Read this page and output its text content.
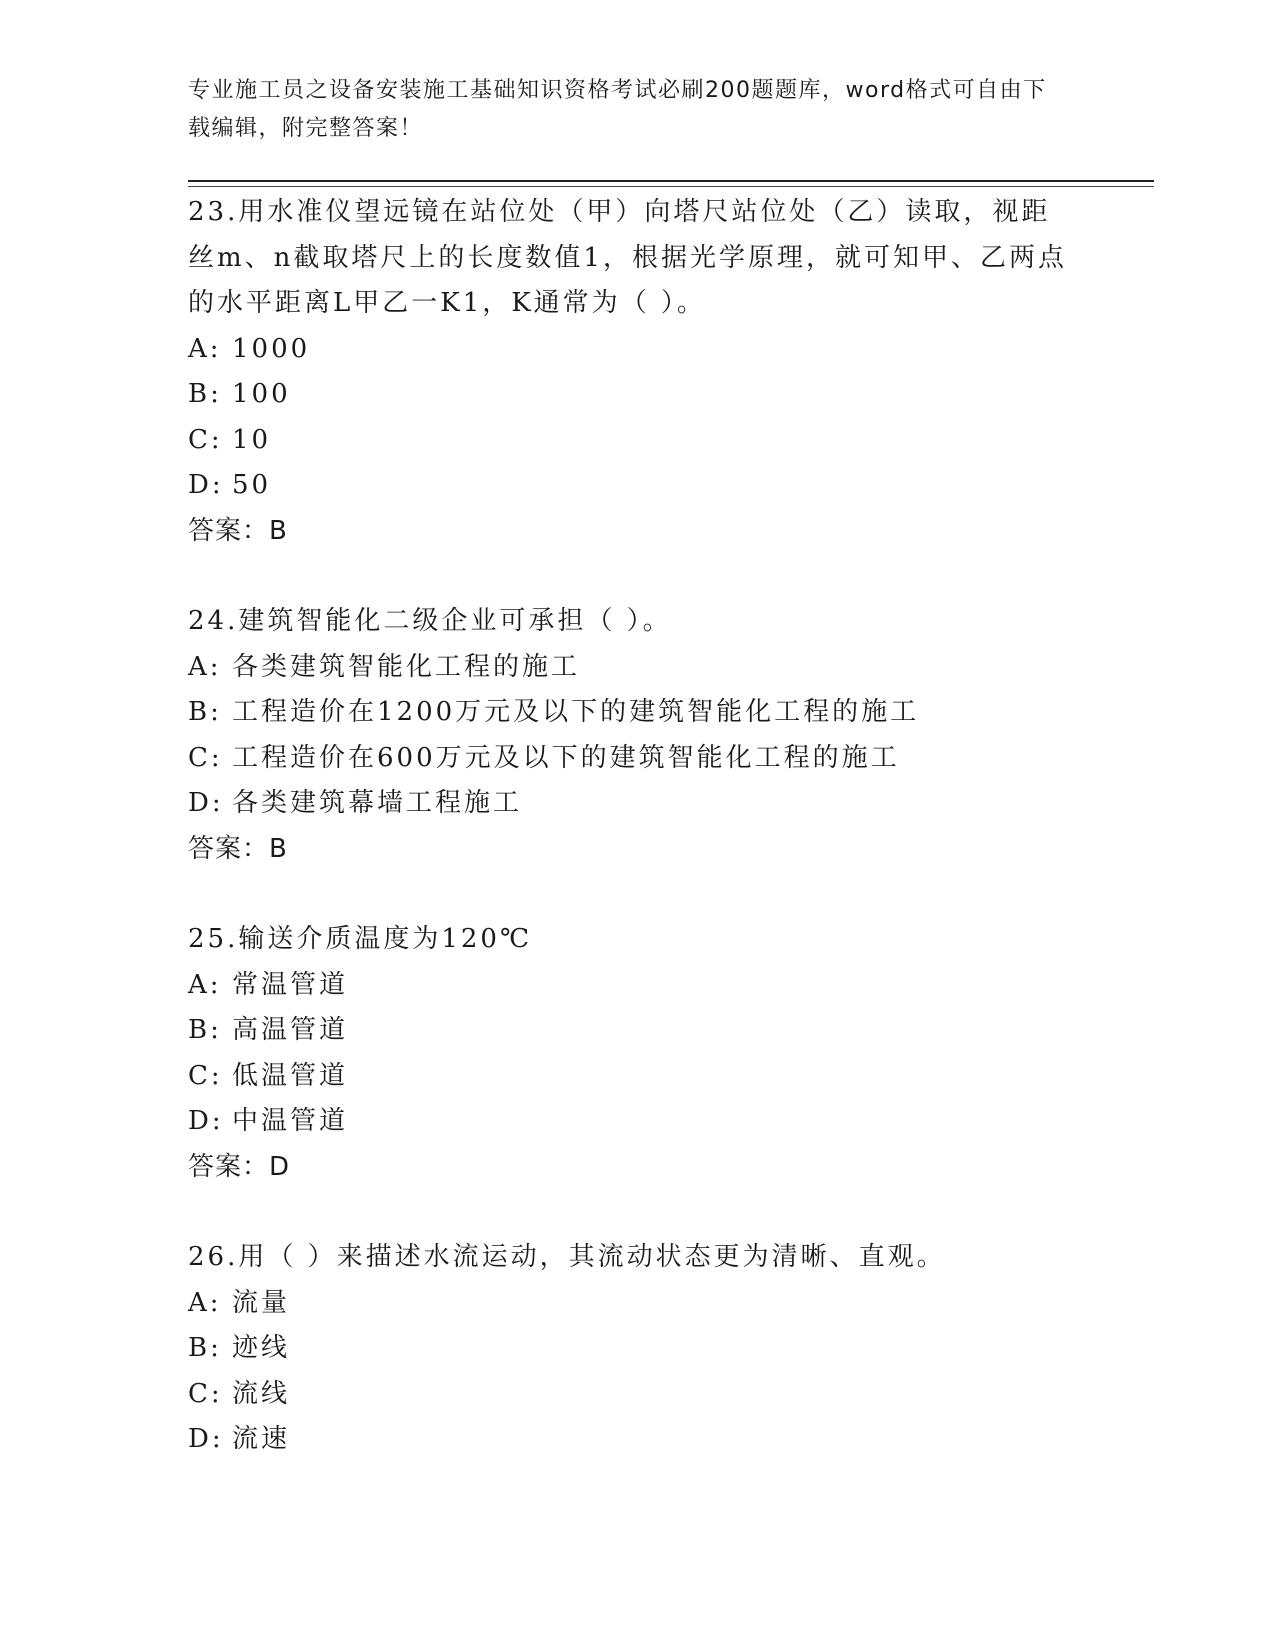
专业施工员之设备安装施工基础知识资格考试必刷200题题库，word格式可自由下载编辑，附完整答案！

23.用水准仪望远镜在站位处（甲）向塔尺站位处（乙）读取，视距丝m、n截取塔尺上的长度数值1，根据光学原理，就可知甲、乙两点的水平距离L甲乙一K1，K通常为（ ）。

A: 1000

B: 100

C: 10

D: 50

答案：B

24.建筑智能化二级企业可承担（ ）。

A: 各类建筑智能化工程的施工

B: 工程造价在1200万元及以下的建筑智能化工程的施工

C: 工程造价在600万元及以下的建筑智能化工程的施工

D: 各类建筑幕墙工程施工

答案：B

25.输送介质温度为120℃

A: 常温管道

B: 高温管道

C: 低温管道

D: 中温管道

答案：D

26.用（ ）来描述水流运动，其流动状态更为清晰、直观。

A: 流量

B: 迹线

C: 流线

D: 流速
